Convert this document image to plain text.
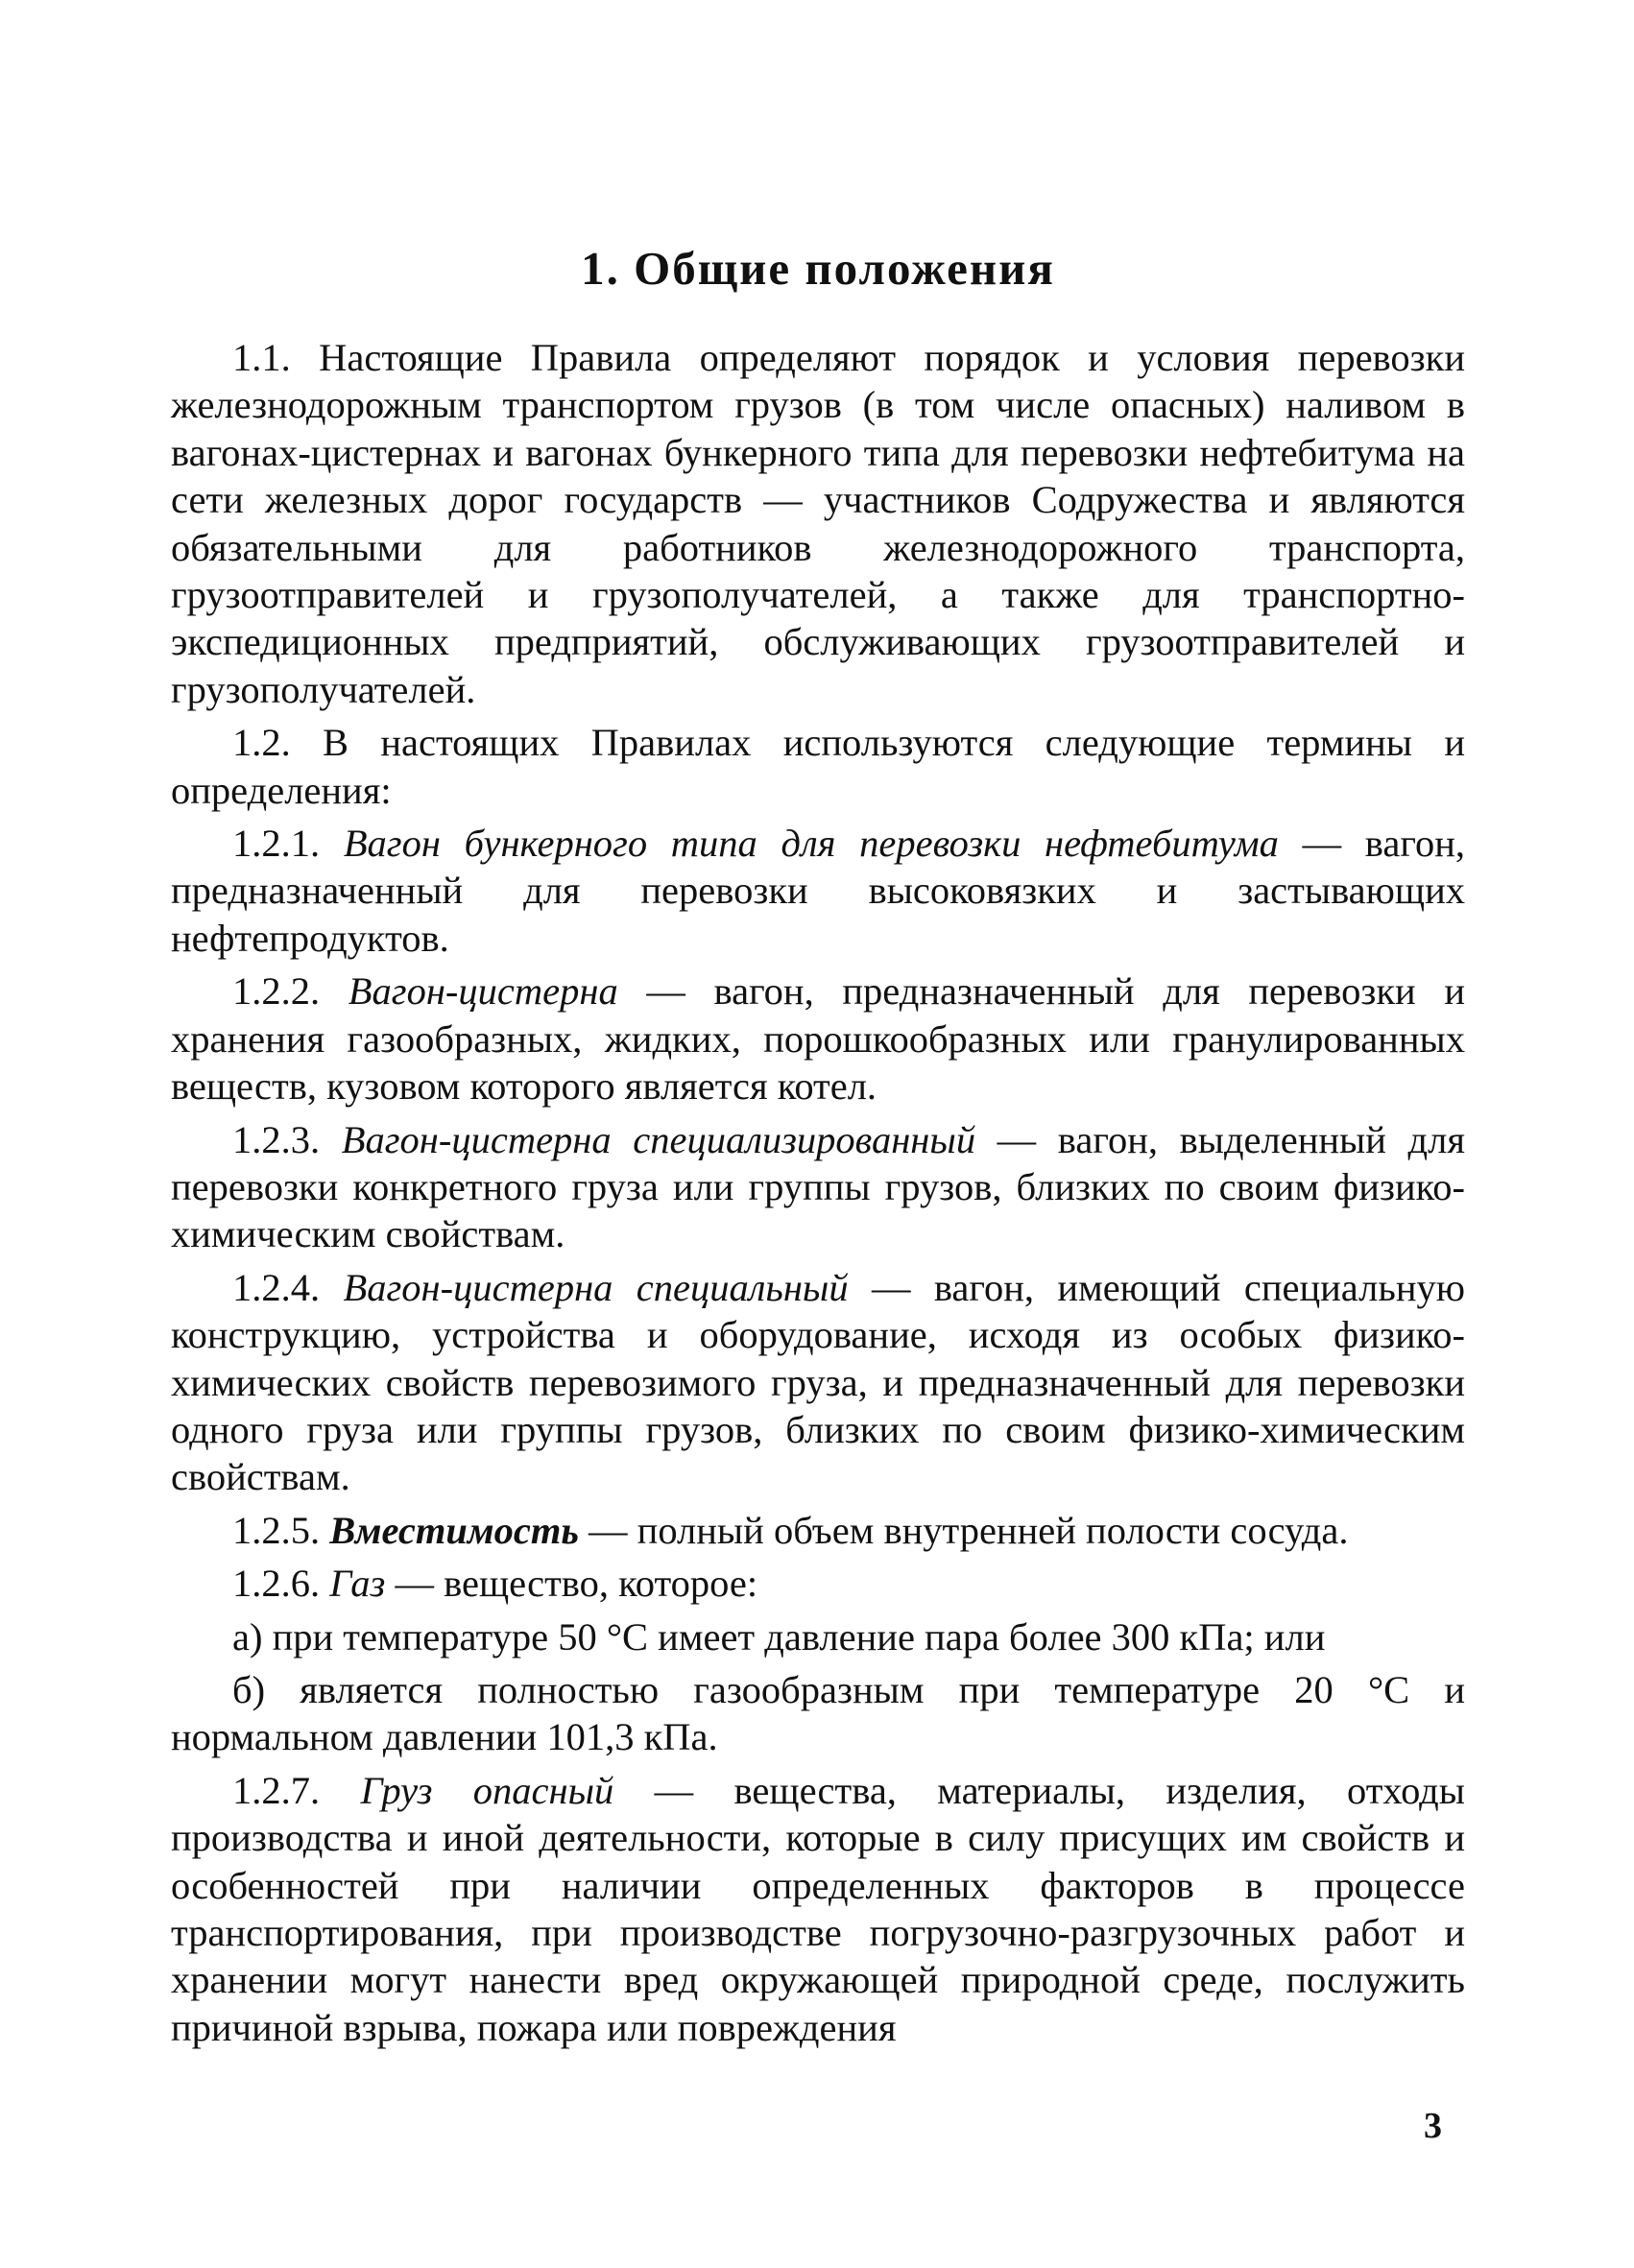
1. Общие положения

1.1. Настоящие Правила определяют порядок и условия перевозки железнодорожным транспортом грузов (в том числе опасных) наливом в вагонах-цистернах и вагонах бункерного типа для перевозки нефтебитума на сети железных дорог государств — участников Содружества и являются обязательными для работников железнодорожного транспорта, грузоотправителей и грузополучателей, а также для транспортно-экспедиционных предприятий, обслуживающих грузоотправителей и грузополучателей.

1.2. В настоящих Правилах используются следующие термины и определения:

1.2.1. Вагон бункерного типа для перевозки нефтебитума — вагон, предназначенный для перевозки высоковязких и застывающих нефтепродуктов.

1.2.2. Вагон-цистерна — вагон, предназначенный для перевозки и хранения газообразных, жидких, порошкообразных или гранулированных веществ, кузовом которого является котел.

1.2.3. Вагон-цистерна специализированный — вагон, выделенный для перевозки конкретного груза или группы грузов, близких по своим физико-химическим свойствам.

1.2.4. Вагон-цистерна специальный — вагон, имеющий специальную конструкцию, устройства и оборудование, исходя из особых физико-химических свойств перевозимого груза, и предназначенный для перевозки одного груза или группы грузов, близких по своим физико-химическим свойствам.

1.2.5. Вместимость — полный объем внутренней полости сосуда.

1.2.6. Газ — вещество, которое:

а) при температуре 50 °С имеет давление пара более 300 кПа; или

б) является полностью газообразным при температуре 20 °С и нормальном давлении 101,3 кПа.

1.2.7. Груз опасный — вещества, материалы, изделия, отходы производства и иной деятельности, которые в силу присущих им свойств и особенностей при наличии определенных факторов в процессе транспортирования, при производстве погрузочно-разгрузочных работ и хранении могут нанести вред окружающей природной среде, послужить причиной взрыва, пожара или повреждения

3
